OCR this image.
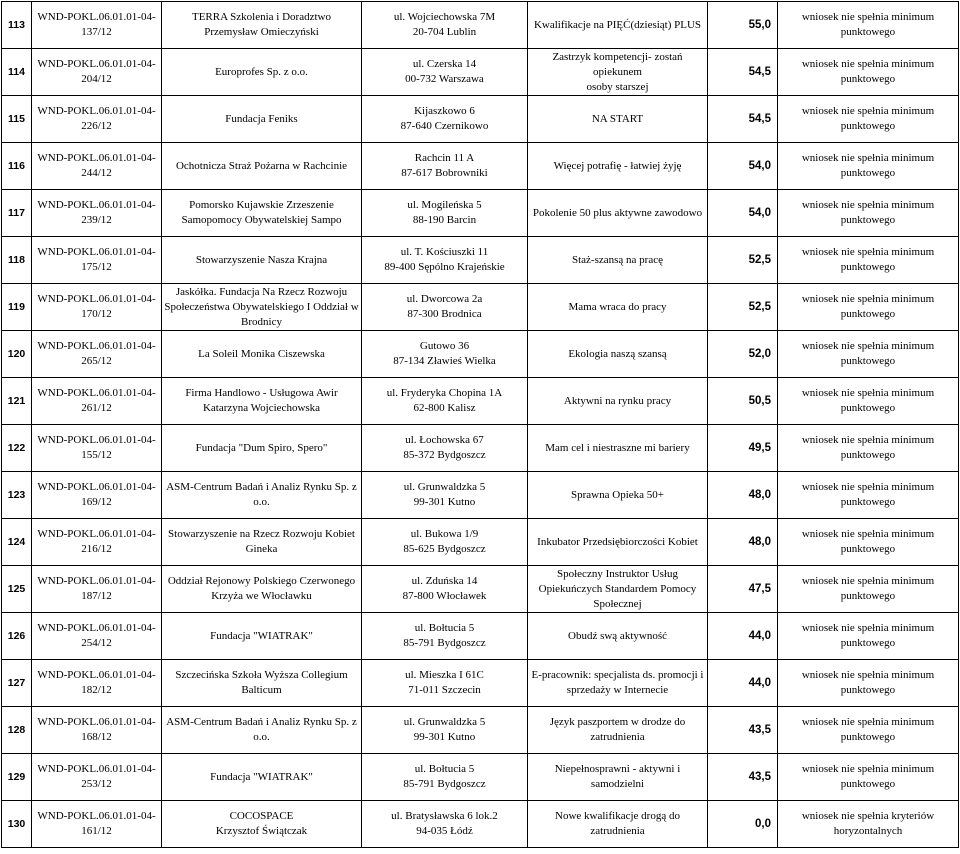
113	WND-POKL.06.01.01-04-
137/12	TERRA Szkolenia i Doradztwo
Przemysław Omieczyński	ul. Wojciechowska 7M
20-704 Lublin	Kwalifikacje na PIĘĆ(dziesiąt) PLUS	55,0	wniosek nie spełnia minimum
punktowego

114	WND-POKL.06.01.01-04-
204/12	Europrofes Sp. z o.o.	ul. Czerska 14
00-732 Warszawa	Zastrzyk kompetencji- zostań opiekunem
osoby starszej	54,5	wniosek nie spełnia minimum
punktowego

115	WND-POKL.06.01.01-04-
226/12	Fundacja Feniks	Kijaszkowo 6
87-640 Czernikowo	NA START	54,5	wniosek nie spełnia minimum
punktowego

116	WND-POKL.06.01.01-04-
244/12	Ochotnicza Straż Pożarna w Rachcinie	Rachcin 11 A
87-617 Bobrowniki	Więcej potrafię - łatwiej żyję	54,0	wniosek nie spełnia minimum
punktowego

117	WND-POKL.06.01.01-04-
239/12	Pomorsko Kujawskie Zrzeszenie
Samopomocy Obywatelskiej Sampo	ul. Mogileńska 5
88-190 Barcin	Pokolenie 50 plus aktywne zawodowo	54,0	wniosek nie spełnia minimum
punktowego

118	WND-POKL.06.01.01-04-
175/12	Stowarzyszenie Nasza Krajna	ul. T. Kościuszki 11
89-400 Sępólno Krajeńskie	Staż-szansą na pracę	52,5	wniosek nie spełnia minimum
punktowego

119	WND-POKL.06.01.01-04-
170/12	Jaskółka. Fundacja Na Rzecz Rozwoju
Społeczeństwa Obywatelskiego I Oddział w
Brodnicy	ul. Dworcowa 2a
87-300 Brodnica	Mama wraca do pracy	52,5	wniosek nie spełnia minimum
punktowego

120	WND-POKL.06.01.01-04-
265/12	La Soleil Monika Ciszewska	Gutowo 36
87-134 Zławieś Wielka	Ekologia naszą szansą	52,0	wniosek nie spełnia minimum
punktowego

121	WND-POKL.06.01.01-04-
261/12	Firma Handlowo - Usługowa Awir
Katarzyna Wojciechowska	ul. Fryderyka Chopina 1A
62-800 Kalisz	Aktywni na rynku pracy	50,5	wniosek nie spełnia minimum
punktowego

122	WND-POKL.06.01.01-04-
155/12	Fundacja "Dum Spiro, Spero"	ul. Łochowska 67
85-372 Bydgoszcz	Mam cel i niestraszne mi bariery	49,5	wniosek nie spełnia minimum
punktowego

123	WND-POKL.06.01.01-04-
169/12	ASM-Centrum Badań i Analiz Rynku Sp. z
o.o.	ul. Grunwaldzka 5
99-301 Kutno	Sprawna Opieka 50+	48,0	wniosek nie spełnia minimum
punktowego

124	WND-POKL.06.01.01-04-
216/12	Stowarzyszenie na Rzecz Rozwoju Kobiet
Gineka	ul. Bukowa 1/9
85-625 Bydgoszcz	Inkubator Przedsiębiorczości Kobiet	48,0	wniosek nie spełnia minimum
punktowego

125	WND-POKL.06.01.01-04-
187/12	Oddział Rejonowy Polskiego Czerwonego
Krzyża we Włocławku	ul. Zduńska 14
87-800 Włocławek	Społeczny Instruktor Usług
Opiekuńczych Standardem Pomocy
Społecznej	47,5	wniosek nie spełnia minimum
punktowego

126	WND-POKL.06.01.01-04-
254/12	Fundacja "WIATRAK"	ul. Bołtucia 5
85-791 Bydgoszcz	Obudź swą aktywność	44,0	wniosek nie spełnia minimum
punktowego

127	WND-POKL.06.01.01-04-
182/12	Szczecińska Szkoła Wyższa Collegium
Balticum	ul. Mieszka I 61C
71-011 Szczecin	E-pracownik: specjalista ds. promocji i
sprzedaży w Internecie	44,0	wniosek nie spełnia minimum
punktowego

128	WND-POKL.06.01.01-04-
168/12	ASM-Centrum Badań i Analiz Rynku Sp. z
o.o.	ul. Grunwaldzka 5
99-301 Kutno	Język paszportem w drodze do
zatrudnienia	43,5	wniosek nie spełnia minimum
punktowego

129	WND-POKL.06.01.01-04-
253/12	Fundacja "WIATRAK"	ul. Bołtucia 5
85-791 Bydgoszcz	Niepełnosprawni - aktywni i samodzielni	43,5	wniosek nie spełnia minimum
punktowego

130	WND-POKL.06.01.01-04-
161/12	COCOSPACE
Krzysztof Świątczak	ul. Bratysławska 6 lok.2
94-035 Łódź	Nowe kwalifikacje drogą do zatrudnienia	0,0	wniosek nie spełnia kryteriów
horyzontalnych
